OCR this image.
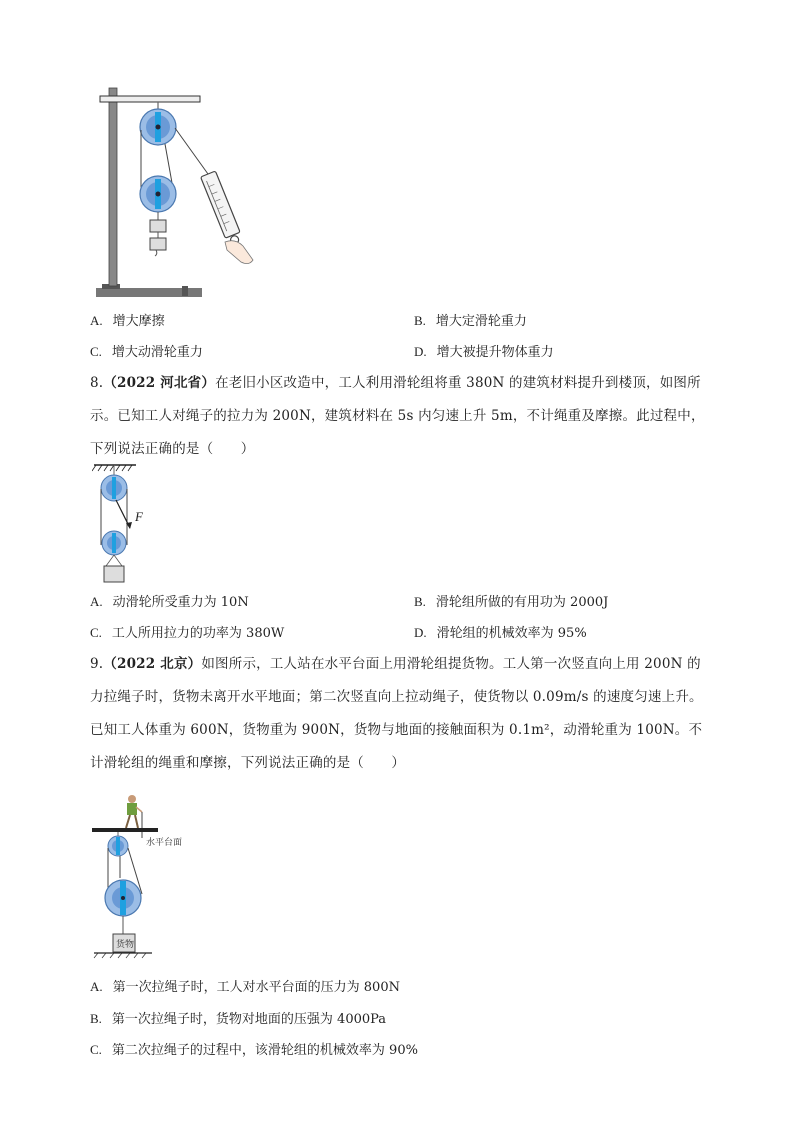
A. 增大摩擦	B. 增大定滑轮重力
C. 增大动滑轮重力	D. 增大被提升物体重力
8.（2022 河北省）在老旧小区改造中，工人利用滑轮组将重 380N 的建筑材料提升到楼顶，如图所示。已知工人对绳子的拉力为 200N，建筑材料在 5s 内匀速上升 5m，不计绳重及摩擦。此过程中，下列说法正确的是（　　）
F
A. 动滑轮所受重力为 10N	B. 滑轮组所做的有用功为 2000J
C. 工人所用拉力的功率为 380W	D. 滑轮组的机械效率为 95%
9.（2022 北京）如图所示，工人站在水平台面上用滑轮组提货物。工人第一次竖直向上用 200N 的力拉绳子时，货物未离开水平地面；第二次竖直向上拉动绳子，使货物以 0.09m/s 的速度匀速上升。已知工人体重为 600N，货物重为 900N，货物与地面的接触面积为 0.1m²，动滑轮重为 100N。不计滑轮组的绳重和摩擦，下列说法正确的是（　　）
水平台面
货物
A. 第一次拉绳子时，工人对水平台面的压力为 800N
B. 第一次拉绳子时，货物对地面的压强为 4000Pa
C. 第二次拉绳子的过程中，该滑轮组的机械效率为 90%
